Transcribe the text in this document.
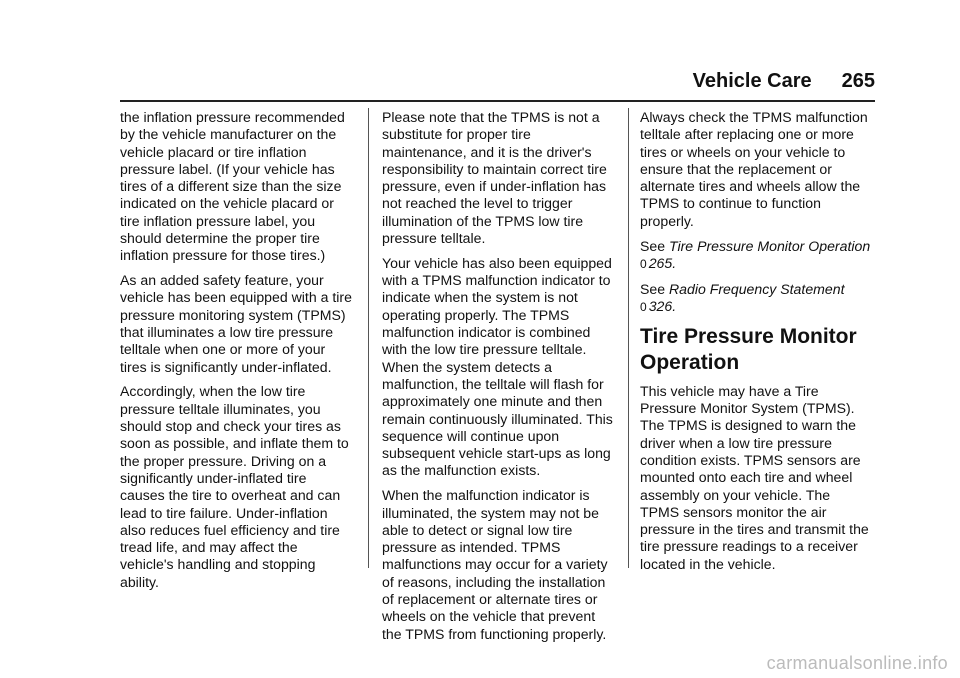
Vehicle Care 265

the inflation pressure recommended by the vehicle manufacturer on the vehicle placard or tire inflation pressure label. (If your vehicle has tires of a different size than the size indicated on the vehicle placard or tire inflation pressure label, you should determine the proper tire inflation pressure for those tires.)

As an added safety feature, your vehicle has been equipped with a tire pressure monitoring system (TPMS) that illuminates a low tire pressure telltale when one or more of your tires is significantly under-inflated.

Accordingly, when the low tire pressure telltale illuminates, you should stop and check your tires as soon as possible, and inflate them to the proper pressure. Driving on a significantly under-inflated tire causes the tire to overheat and can lead to tire failure. Under-inflation also reduces fuel efficiency and tire tread life, and may affect the vehicle's handling and stopping ability.

Please note that the TPMS is not a substitute for proper tire maintenance, and it is the driver's responsibility to maintain correct tire pressure, even if under-inflation has not reached the level to trigger illumination of the TPMS low tire pressure telltale.

Your vehicle has also been equipped with a TPMS malfunction indicator to indicate when the system is not operating properly. The TPMS malfunction indicator is combined with the low tire pressure telltale. When the system detects a malfunction, the telltale will flash for approximately one minute and then remain continuously illuminated. This sequence will continue upon subsequent vehicle start-ups as long as the malfunction exists.

When the malfunction indicator is illuminated, the system may not be able to detect or signal low tire pressure as intended. TPMS malfunctions may occur for a variety of reasons, including the installation of replacement or alternate tires or wheels on the vehicle that prevent the TPMS from functioning properly.

Always check the TPMS malfunction telltale after replacing one or more tires or wheels on your vehicle to ensure that the replacement or alternate tires and wheels allow the TPMS to continue to function properly.

See Tire Pressure Monitor Operation 0 265.

See Radio Frequency Statement
0 326.

Tire Pressure Monitor Operation

This vehicle may have a Tire Pressure Monitor System (TPMS). The TPMS is designed to warn the driver when a low tire pressure condition exists. TPMS sensors are mounted onto each tire and wheel assembly on your vehicle. The TPMS sensors monitor the air pressure in the tires and transmit the tire pressure readings to a receiver located in the vehicle.

carmanualsonline.info
